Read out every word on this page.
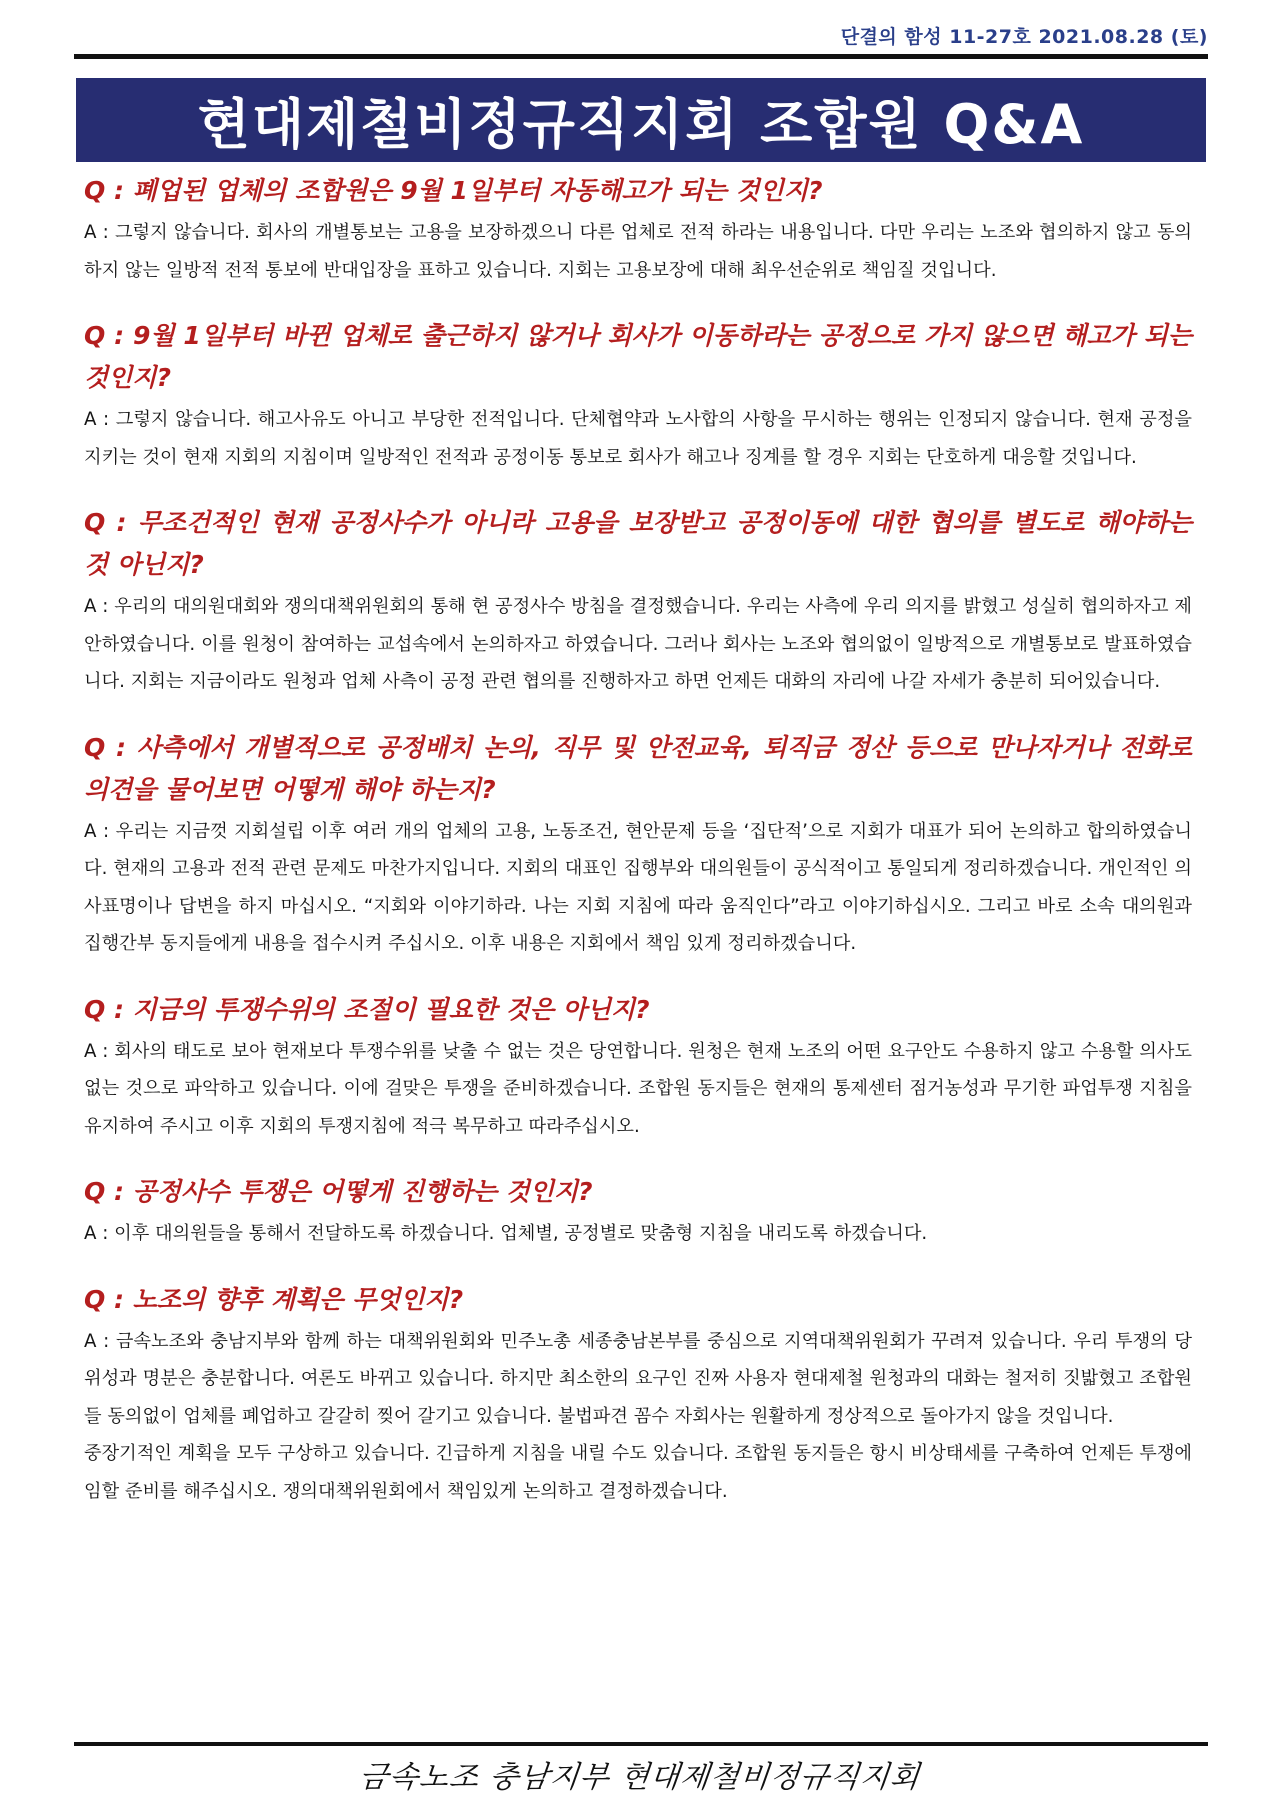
단결의 함성 11-27호 2021.08.28 (토)
현대제철비정규직지회 조합원 Q&A

Q : 폐업된 업체의 조합원은 9월 1일부터 자동해고가 되는 것인지?

A : 그렇지 않습니다. 회사의 개별통보는 고용을 보장하겠으니 다른 업체로 전적 하라는 내용입니다. 다만 우리는 노조와 협의하지 않고 동의하지 않는 일방적 전적 통보에 반대입장을 표하고 있습니다. 지회는 고용보장에 대해 최우선순위로 책임질 것입니다.

Q : 9월 1일부터 바뀐 업체로 출근하지 않거나 회사가 이동하라는 공정으로 가지 않으면 해고가 되는 것인지?

A : 그렇지 않습니다. 해고사유도 아니고 부당한 전적입니다. 단체협약과 노사합의 사항을 무시하는 행위는 인정되지 않습니다. 현재 공정을 지키는 것이 현재 지회의 지침이며 일방적인 전적과 공정이동 통보로 회사가 해고나 징계를 할 경우 지회는 단호하게 대응할 것입니다.

Q : 무조건적인 현재 공정사수가 아니라 고용을 보장받고 공정이동에 대한 협의를 별도로 해야하는 것 아닌지?

A : 우리의 대의원대회와 쟁의대책위원회의 통해 현 공정사수 방침을 결정했습니다. 우리는 사측에 우리 의지를 밝혔고 성실히 협의하자고 제안하였습니다. 이를 원청이 참여하는 교섭속에서 논의하자고 하였습니다. 그러나 회사는 노조와 협의없이 일방적으로 개별통보로 발표하였습니다. 지회는 지금이라도 원청과 업체 사측이 공정 관련 협의를 진행하자고 하면 언제든 대화의 자리에 나갈 자세가 충분히 되어있습니다.

Q : 사측에서 개별적으로 공정배치 논의, 직무 및 안전교육, 퇴직금 정산 등으로 만나자거나 전화로 의견을 물어보면 어떻게 해야 하는지?

A : 우리는 지금껏 지회설립 이후 여러 개의 업체의 고용, 노동조건, 현안문제 등을 ‘집단적’으로 지회가 대표가 되어 논의하고 합의하였습니다. 현재의 고용과 전적 관련 문제도 마찬가지입니다. 지회의 대표인 집행부와 대의원들이 공식적이고 통일되게 정리하겠습니다. 개인적인 의사표명이나 답변을 하지 마십시오. “지회와 이야기하라. 나는 지회 지침에 따라 움직인다”라고 이야기하십시오. 그리고 바로 소속 대의원과 집행간부 동지들에게 내용을 접수시켜 주십시오. 이후 내용은 지회에서 책임 있게 정리하겠습니다.

Q : 지금의 투쟁수위의 조절이 필요한 것은 아닌지?

A : 회사의 태도로 보아 현재보다 투쟁수위를 낮출 수 없는 것은 당연합니다. 원청은 현재 노조의 어떤 요구안도 수용하지 않고 수용할 의사도 없는 것으로 파악하고 있습니다. 이에 걸맞은 투쟁을 준비하겠습니다. 조합원 동지들은 현재의 통제센터 점거농성과 무기한 파업투쟁 지침을 유지하여 주시고 이후 지회의 투쟁지침에 적극 복무하고 따라주십시오.

Q : 공정사수 투쟁은 어떻게 진행하는 것인지?

A : 이후 대의원들을 통해서 전달하도록 하겠습니다. 업체별, 공정별로 맞춤형 지침을 내리도록 하겠습니다.

Q : 노조의 향후 계획은 무엇인지?

A : 금속노조와 충남지부와 함께 하는 대책위원회와 민주노총 세종충남본부를 중심으로 지역대책위원회가 꾸려져 있습니다. 우리 투쟁의 당위성과 명분은 충분합니다. 여론도 바뀌고 있습니다. 하지만 최소한의 요구인 진짜 사용자 현대제철 원청과의 대화는 철저히 짓밟혔고 조합원들 동의없이 업체를 폐업하고 갈갈히 찢어 갈기고 있습니다. 불법파견 꼼수 자회사는 원활하게 정상적으로 돌아가지 않을 것입니다.

중장기적인 계획을 모두 구상하고 있습니다. 긴급하게 지침을 내릴 수도 있습니다. 조합원 동지들은 항시 비상태세를 구축하여 언제든 투쟁에 임할 준비를 해주십시오. 쟁의대책위원회에서 책임있게 논의하고 결정하겠습니다.

금속노조 충남지부 현대제철비정규직지회
